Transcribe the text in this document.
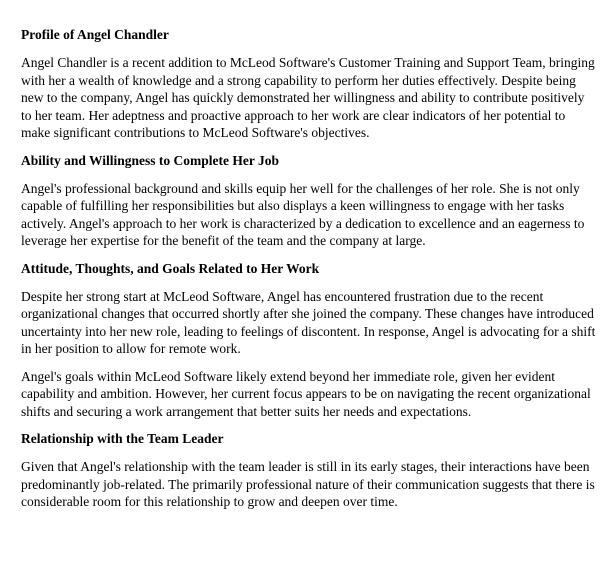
Profile of Angel Chandler

Angel Chandler is a recent addition to McLeod Software's Customer Training and Support Team, bringing with her a wealth of knowledge and a strong capability to perform her duties effectively. Despite being new to the company, Angel has quickly demonstrated her willingness and ability to contribute positively to her team. Her adeptness and proactive approach to her work are clear indicators of her potential to make significant contributions to McLeod Software's objectives.

Ability and Willingness to Complete Her Job

Angel's professional background and skills equip her well for the challenges of her role. She is not only capable of fulfilling her responsibilities but also displays a keen willingness to engage with her tasks actively. Angel's approach to her work is characterized by a dedication to excellence and an eagerness to leverage her expertise for the benefit of the team and the company at large.

Attitude, Thoughts, and Goals Related to Her Work

Despite her strong start at McLeod Software, Angel has encountered frustration due to the recent organizational changes that occurred shortly after she joined the company. These changes have introduced uncertainty into her new role, leading to feelings of discontent. In response, Angel is advocating for a shift in her position to allow for remote work.

Angel's goals within McLeod Software likely extend beyond her immediate role, given her evident capability and ambition. However, her current focus appears to be on navigating the recent organizational shifts and securing a work arrangement that better suits her needs and expectations.

Relationship with the Team Leader

Given that Angel's relationship with the team leader is still in its early stages, their interactions have been predominantly job-related. The primarily professional nature of their communication suggests that there is considerable room for this relationship to grow and deepen over time.
